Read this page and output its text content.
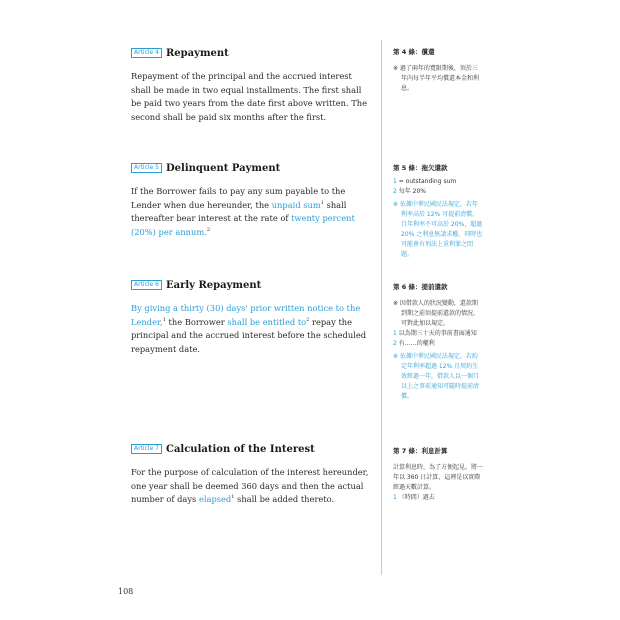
Article 4 Repayment
Repayment of the principal and the accrued interest shall be made in two equal installments. The first shall be paid two years from the date first above written. The second shall be paid six months after the first.
Article 5 Delinquent Payment
If the Borrower fails to pay any sum payable to the Lender when due hereunder, the unpaid sum$^1$ shall thereafter bear interest at the rate of twenty percent (20%) per annum.$^2$
Article 6 Early Repayment
By giving a thirty (30) days' prior written notice to the Lender,$^1$ the Borrower shall be entitled $to^2$ repay the principal and the accrued interest before the scheduled repayment date.
Article 7 Calculation of the Interest
For the purpose of calculation of the interest hereunder, one year shall be deemed 360 days and then the actual number of days elapsed$^1$ shall be added thereto.
第 4 條：償還
※ 過了兩年的寬限期後，須於三年內每半年平均償還本金和利息。
第 5 條：拖欠還款
1 = outstanding sum
2 每年 20%
※ 依據中華民國民法規定，若年利率高於 12% 可提前清償，且年利率不可高於 20%，超過 20% 之利息無請求權，同時也可能會有刑法上重利罪之問題。
第 6 條：提前還款
※ 因借款人的狀況變動，還款期到期之前須提前還款的情況，可對此加以規定。
1 以為期三十天的事前書面通知
2 有……的權利
※ 依據中華民國民法規定，若約定年利率超過 12% 且契約生效經過一年，借款人以一個月以上之事前通知可隨時提前清償。
第 7 條：利息計算
計算利息時，為了方便起見，將一年以 360 日計算，這裡是以實際經過天數計算。
1 （時間）過去
108
